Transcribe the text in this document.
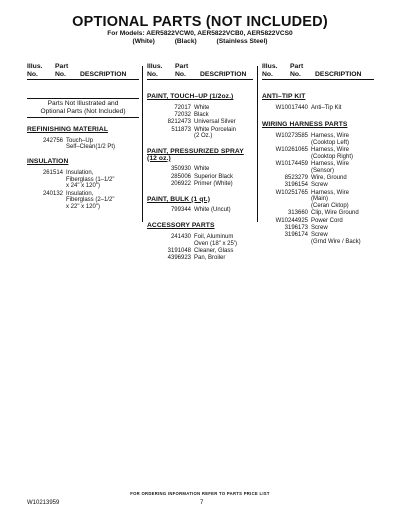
OPTIONAL PARTS (NOT INCLUDED)
For Models: AER5822VCW0, AER5822VCB0, AER5822VCS0
(White)	(Black)	(Stainless Steel)
Illus.
No.
Part
No.	DESCRIPTION
Illus.
No.
Part
No.	DESCRIPTION
Illus.
No.
Part
No.	DESCRIPTION
Parts Not Illustrated and
Optional Parts (Not Included)
REFINISHING MATERIAL
242756 Touch–Up
Self–Clean(1/2 Pt)
INSULATION
261514 Insulation,
Fiberglass (1–1/2"
x 24" x 120")
240132 Insulation,
Fiberglass (2–1/2"
x 22" x 120")
PAINT, TOUCH–UP (1/2oz.)
72017 White
72032 Black
8212473 Universal Silver
511873 White Porcelain
(2 Oz.)
PAINT, PRESSURIZED SPRAY (12 oz.)
350930 White
285006 Superior Black
206922 Primer (White)
PAINT, BULK (1 qt.)
799344 White (Uncut)
ACCESSORY PARTS
241430 Foil, Aluminum
Oven (18" x 25')
3191048 Cleaner, Glass
4396923 Pan, Broiler
ANTI–TIP KIT
W10017440 Anti–Tip Kit
WIRING HARNESS PARTS
W10273585 Harness, Wire
(Cooktop Left)
W10261065 Harness, Wire
(Cooktop Right)
W10174459 Harness, Wire
(Sensor)
8523279 Wire, Ground
3196154 Screw
W10251765 Harness, Wire
(Main)
(Ceran Cktop)
313660 Clip, Wire Ground
W10244925 Power Cord
3196173 Screw
3196174 Screw
(Grnd Wire / Back)
FOR ORDERING INFORMATION REFER TO PARTS PRICE LIST
W10213959	7
